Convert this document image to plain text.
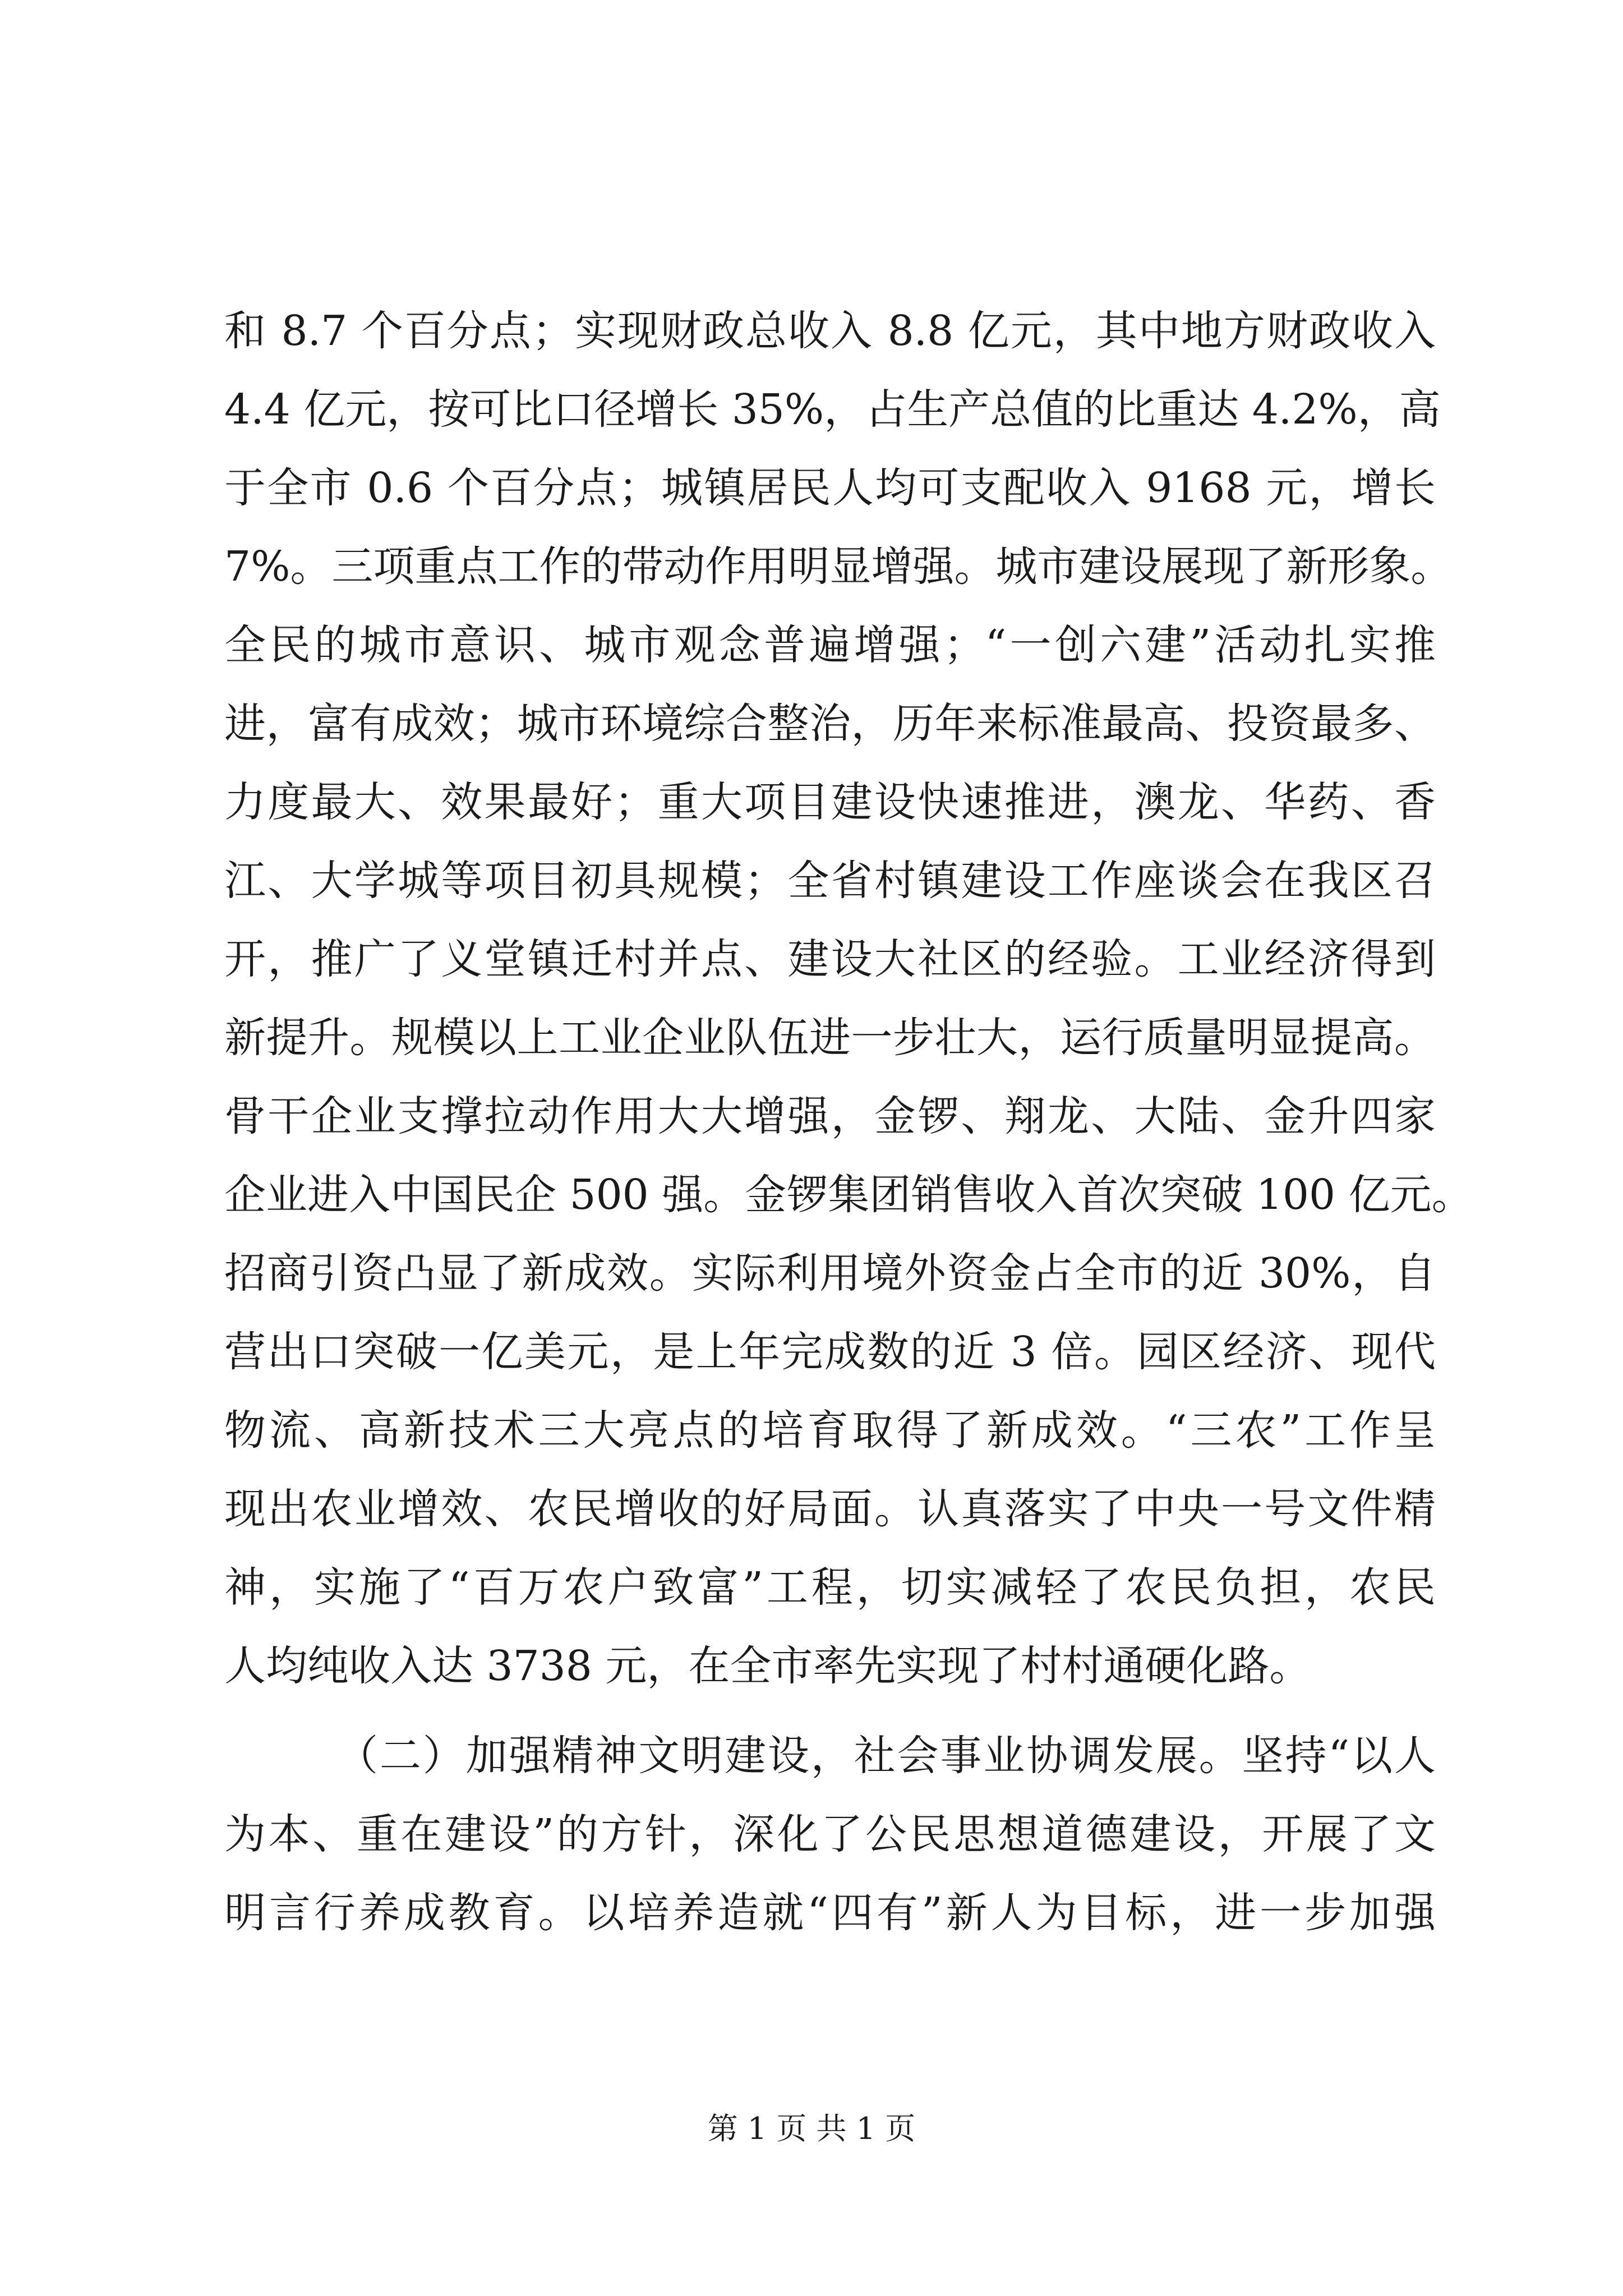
和 8.7 个百分点；实现财政总收入 8.8 亿元，其中地方财政收入
4.4 亿元，按可比口径增长 35%，占生产总值的比重达 4.2%，高
于全市 0.6 个百分点；城镇居民人均可支配收入 9168 元，增长
7%。三项重点工作的带动作用明显增强。城市建设展现了新形象。
全民的城市意识、城市观念普遍增强；“一创六建”活动扎实推
进，富有成效；城市环境综合整治，历年来标准最高、投资最多、
力度最大、效果最好；重大项目建设快速推进，澳龙、华药、香
江、大学城等项目初具规模；全省村镇建设工作座谈会在我区召
开，推广了义堂镇迁村并点、建设大社区的经验。工业经济得到
新提升。规模以上工业企业队伍进一步壮大，运行质量明显提高。
骨干企业支撑拉动作用大大增强，金锣、翔龙、大陆、金升四家
企业进入中国民企 500 强。金锣集团销售收入首次突破 100 亿元。
招商引资凸显了新成效。实际利用境外资金占全市的近 30%，自
营出口突破一亿美元，是上年完成数的近 3 倍。园区经济、现代
物流、高新技术三大亮点的培育取得了新成效。“三农”工作呈
现出农业增效、农民增收的好局面。认真落实了中央一号文件精
神，实施了“百万农户致富”工程，切实减轻了农民负担，农民
人均纯收入达 3738 元，在全市率先实现了村村通硬化路。
（二）加强精神文明建设，社会事业协调发展。坚持“以人
为本、重在建设”的方针，深化了公民思想道德建设，开展了文
明言行养成教育。以培养造就“四有”新人为目标，进一步加强
第 1 页 共 1 页
